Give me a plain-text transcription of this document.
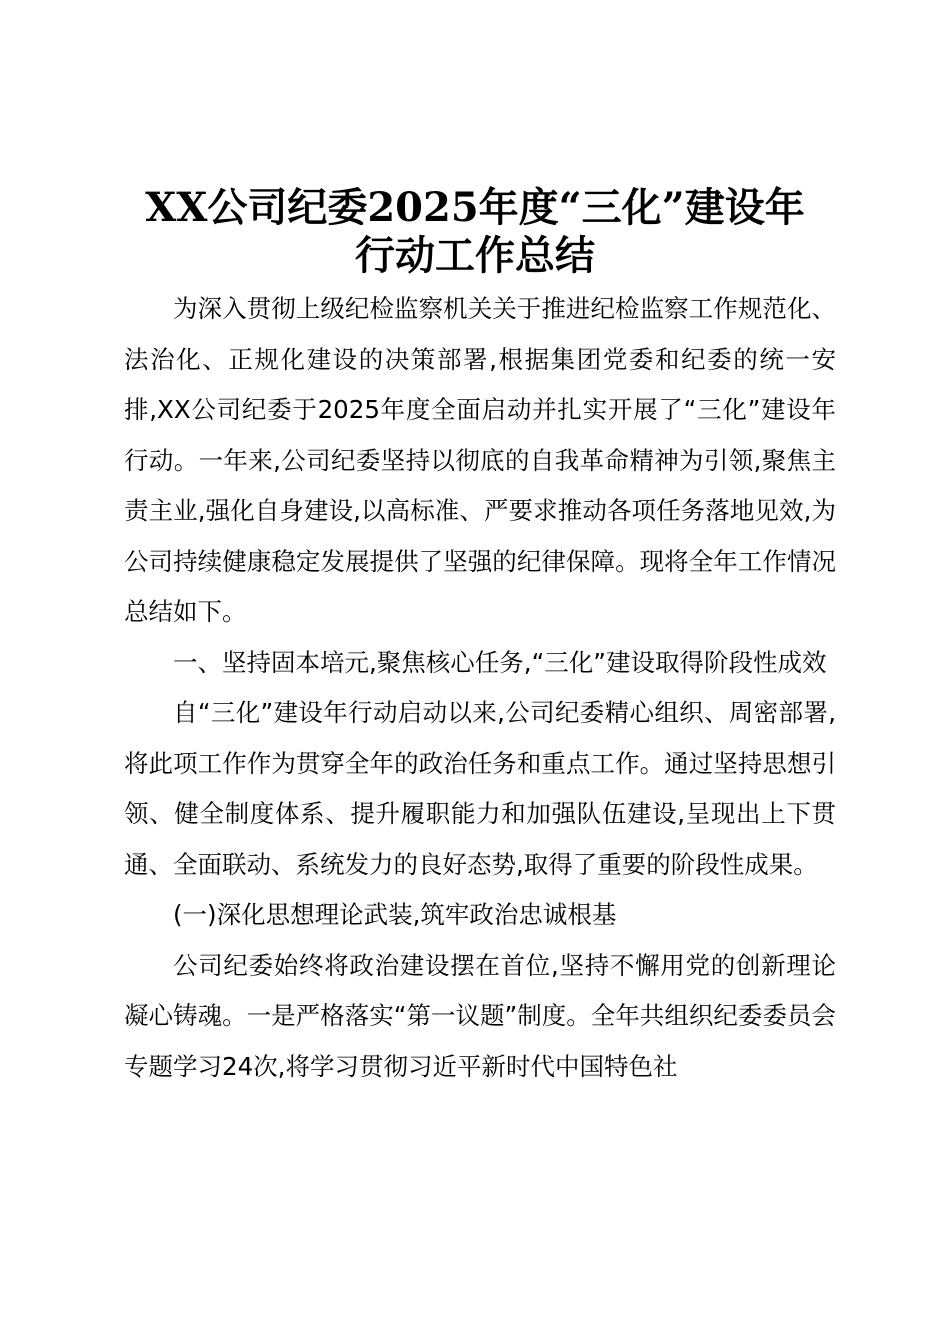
XX公司纪委2025年度“三化”建设年
行动工作总结

为深入贯彻上级纪检监察机关关于推进纪检监察工作规范化、法治化、正规化建设的决策部署,根据集团党委和纪委的统一安排,XX公司纪委于2025年度全面启动并扎实开展了“三化”建设年行动。一年来,公司纪委坚持以彻底的自我革命精神为引领,聚焦主责主业,强化自身建设,以高标准、严要求推动各项任务落地见效,为公司持续健康稳定发展提供了坚强的纪律保障。现将全年工作情况总结如下。

一、坚持固本培元,聚焦核心任务,“三化”建设取得阶段性成效

自“三化”建设年行动启动以来,公司纪委精心组织、周密部署,将此项工作作为贯穿全年的政治任务和重点工作。通过坚持思想引领、健全制度体系、提升履职能力和加强队伍建设,呈现出上下贯通、全面联动、系统发力的良好态势,取得了重要的阶段性成果。

(一)深化思想理论武装,筑牢政治忠诚根基

公司纪委始终将政治建设摆在首位,坚持不懈用党的创新理论凝心铸魂。一是严格落实“第一议题”制度。全年共组织纪委委员会专题学习24次,将学习贯彻习近平新时代中国特色社
